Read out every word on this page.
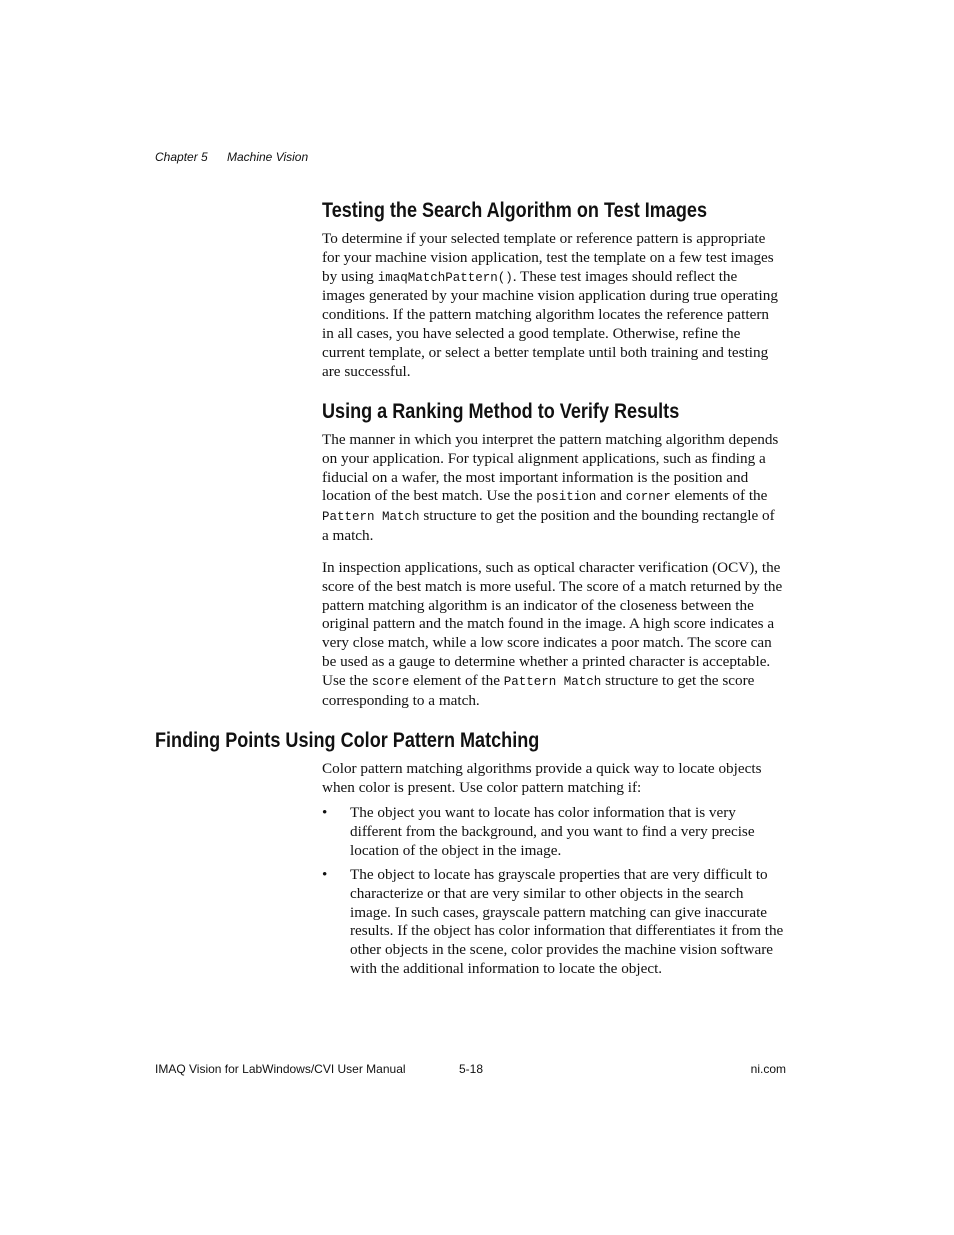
Chapter 5 Machine Vision
Testing the Search Algorithm on Test Images

To determine if your selected template or reference pattern is appropriate for your machine vision application, test the template on a few test images by using imaqMatchPattern(). These test images should reflect the images generated by your machine vision application during true operating conditions. If the pattern matching algorithm locates the reference pattern in all cases, you have selected a good template. Otherwise, refine the current template, or select a better template until both training and testing are successful.

Using a Ranking Method to Verify Results

The manner in which you interpret the pattern matching algorithm depends on your application. For typical alignment applications, such as finding a fiducial on a wafer, the most important information is the position and location of the best match. Use the position and corner elements of the Pattern Match structure to get the position and the bounding rectangle of a match.

In inspection applications, such as optical character verification (OCV), the score of the best match is more useful. The score of a match returned by the pattern matching algorithm is an indicator of the closeness between the original pattern and the match found in the image. A high score indicates a very close match, while a low score indicates a poor match. The score can be used as a gauge to determine whether a printed character is acceptable. Use the score element of the Pattern Match structure to get the score corresponding to a match.

Finding Points Using Color Pattern Matching

Color pattern matching algorithms provide a quick way to locate objects when color is present. Use color pattern matching if:

•	The object you want to locate has color information that is very different from the background, and you want to find a very precise location of the object in the image.
•	The object to locate has grayscale properties that are very difficult to characterize or that are very similar to other objects in the search image. In such cases, grayscale pattern matching can give inaccurate results. If the object has color information that differentiates it from the other objects in the scene, color provides the machine vision software with the additional information to locate the object.
IMAQ Vision for LabWindows/CVI User Manual	5-18	ni.com
